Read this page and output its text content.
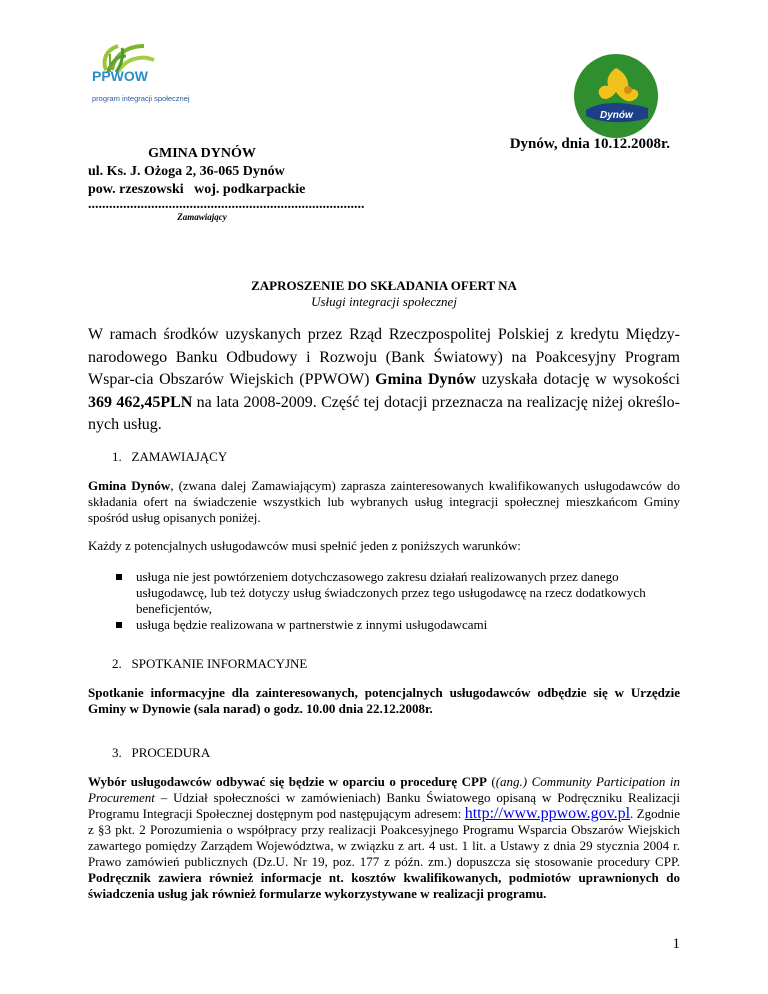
PPWOW
program integracji społecznej
Dynów
Dynów, dnia 10.12.2008r.
GMINA DYNÓW
ul. Ks. J. Ożoga 2, 36-065 Dynów
pow. rzeszowski   woj. podkarpackie
...............................................................................
Zamawiający
ZAPROSZENIE DO SKŁADANIA OFERT NA
Usługi integracji społecznej
W ramach środków uzyskanych przez Rząd Rzeczpospolitej Polskiej z kredytu Między-narodowego Banku Odbudowy i Rozwoju (Bank Światowy) na Poakcesyjny Program Wspar-cia Obszarów Wiejskich (PPWOW) Gmina Dynów uzyskała dotację w wysokości 369 462,45PLN na lata 2008-2009. Część tej dotacji przeznacza na realizację niżej określo-nych usług.
1.   ZAMAWIAJĄCY
Gmina Dynów, (zwana dalej Zamawiającym) zaprasza zainteresowanych kwalifikowanych usługodawców do składania ofert na świadczenie wszystkich lub wybranych usług integracji społecznej mieszkańcom Gminy spośród usług opisanych poniżej.
Każdy z potencjalnych usługodawców musi spełnić jeden z poniższych warunków:
usługa nie jest powtórzeniem dotychczasowego zakresu działań realizowanych przez danego usługodawcę, lub też dotyczy usług świadczonych przez tego usługodawcę na rzecz dodatkowych beneficjentów,
usługa będzie realizowana w partnerstwie z innymi usługodawcami
2.   SPOTKANIE INFORMACYJNE
Spotkanie informacyjne dla zainteresowanych, potencjalnych usługodawców odbędzie się w Urzędzie Gminy w Dynowie (sala narad) o godz. 10.00 dnia 22.12.2008r.
3.   PROCEDURA
Wybór usługodawców odbywać się będzie w oparciu o procedurę CPP ((ang.) Community Participation in Procurement – Udział społeczności w zamówieniach) Banku Światowego opisaną w Podręczniku Realizacji Programu Integracji Społecznej dostępnym pod następującym adresem: http://www.ppwow.gov.pl. Zgodnie z §3 pkt. 2 Porozumienia o współpracy przy realizacji Poakcesyjnego Programu Wsparcia Obszarów Wiejskich zawartego pomiędzy Zarządem Województwa, w związku z art. 4 ust. 1 lit. a Ustawy z dnia 29 stycznia 2004 r. Prawo zamówień publicznych (Dz.U. Nr 19, poz. 177 z późn. zm.) dopuszcza się stosowanie procedury CPP. Podręcznik zawiera również informacje nt. kosztów kwalifikowanych, podmiotów uprawnionych do świadczenia usług jak również formularze wykorzystywane w realizacji programu.
1
